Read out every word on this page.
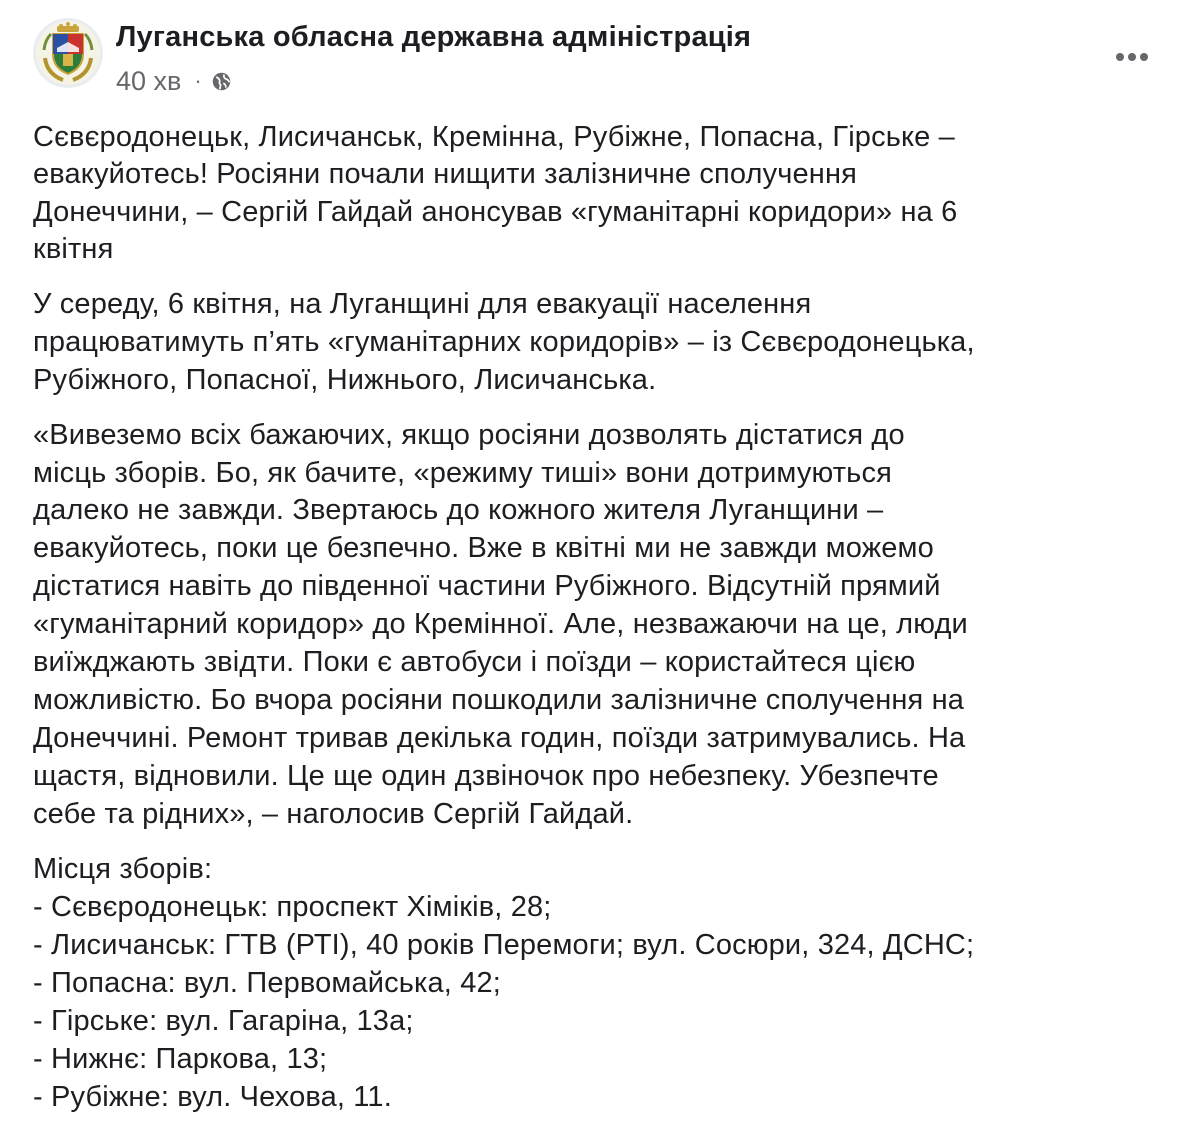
Луганська обласна державна адміністрація
40 хв ·
Сєвєродонецьк, Лисичанськ, Кремінна, Рубіжне, Попасна, Гірське –
евакуйотесь! Росіяни почали нищити залізничне сполучення
Донеччини, – Сергій Гайдай анонсував «гуманітарні коридори» на 6
квітня
У середу, 6 квітня, на Луганщині для евакуації населення
працюватимуть п’ять «гуманітарних коридорів» – із Сєвєродонецька,
Рубіжного, Попасної, Нижнього, Лисичанська.
«Вивеземо всіх бажаючих, якщо росіяни дозволять дістатися до
місць зборів. Бо, як бачите, «режиму тиші» вони дотримуються
далеко не завжди. Звертаюсь до кожного жителя Луганщини –
евакуйотесь, поки це безпечно. Вже в квітні ми не завжди можемо
дістатися навіть до південної частини Рубіжного. Відсутній прямий
«гуманітарний коридор» до Кремінної. Але, незважаючи на це, люди
виїжджають звідти. Поки є автобуси і поїзди – користайтеся цією
можливістю. Бо вчора росіяни пошкодили залізничне сполучення на
Донеччині. Ремонт тривав декілька годин, поїзди затримувались. На
щастя, відновили. Це ще один дзвіночок про небезпеку. Убезпечте
себе та рідних», – наголосив Сергій Гайдай.
Місця зборів:
- Сєвєродонецьк: проспект Хіміків, 28;
- Лисичанськ: ГТВ (РТІ), 40 років Перемоги; вул. Сосюри, 324, ДСНС;
- Попасна: вул. Первомайська, 42;
- Гірське: вул. Гагаріна, 13а;
- Нижнє: Паркова, 13;
- Рубіжне: вул. Чехова, 11.
